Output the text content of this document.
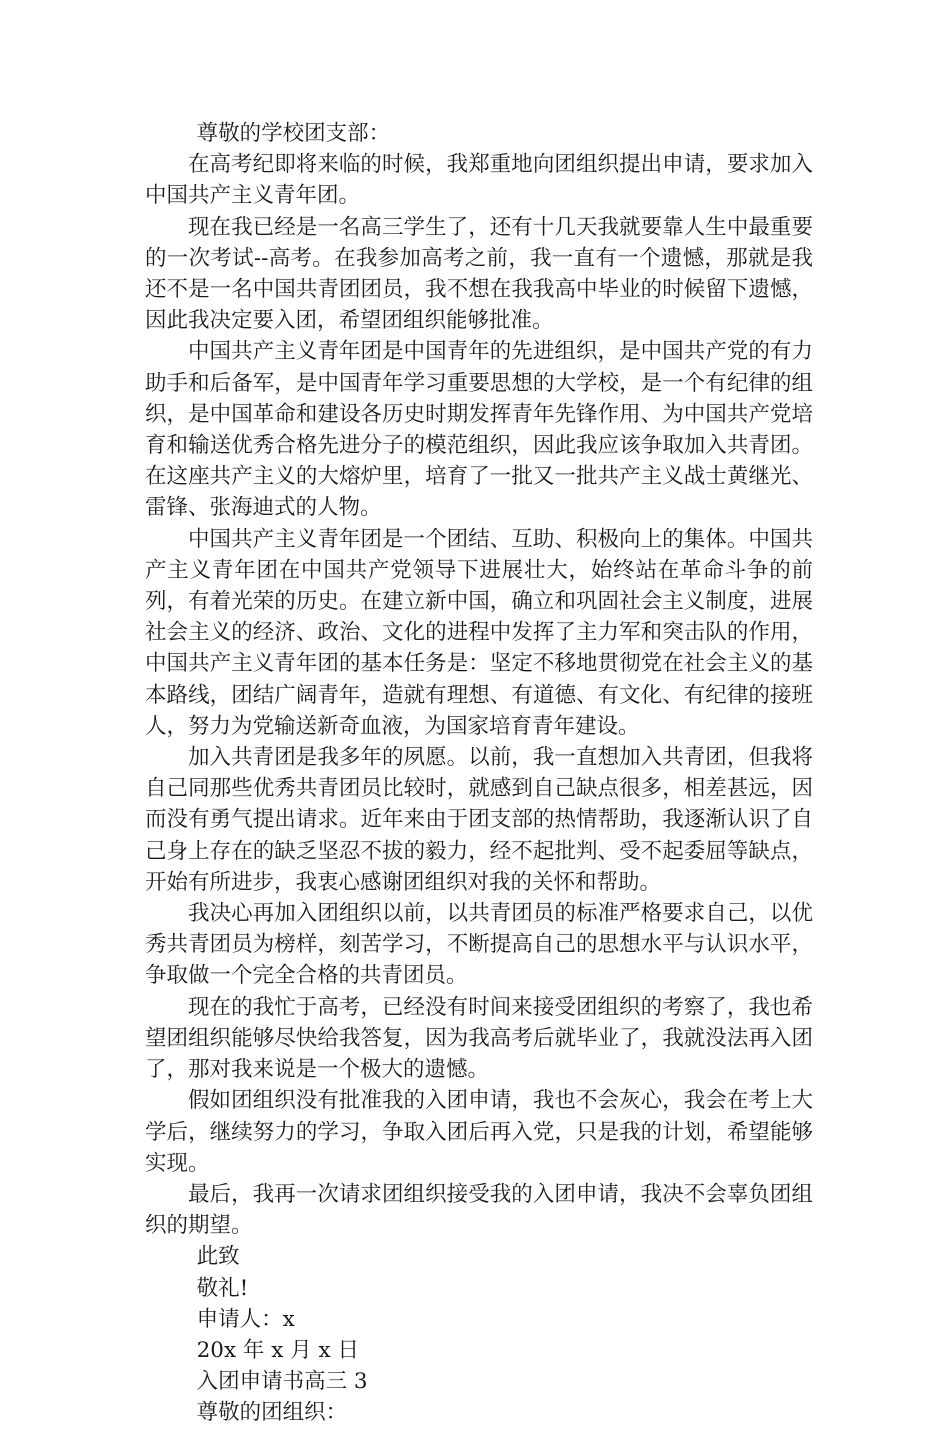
尊敬的学校团支部：

在高考纪即将来临的时候，我郑重地向团组织提出申请，要求加入中国共产主义青年团。

现在我已经是一名高三学生了，还有十几天我就要靠人生中最重要的一次考试--高考。在我参加高考之前，我一直有一个遗憾，那就是我还不是一名中国共青团团员，我不想在我我高中毕业的时候留下遗憾，因此我决定要入团，希望团组织能够批准。

中国共产主义青年团是中国青年的先进组织，是中国共产党的有力助手和后备军，是中国青年学习重要思想的大学校，是一个有纪律的组织，是中国革命和建设各历史时期发挥青年先锋作用、为中国共产党培育和输送优秀合格先进分子的模范组织，因此我应该争取加入共青团。在这座共产主义的大熔炉里，培育了一批又一批共产主义战士黄继光、雷锋、张海迪式的人物。

中国共产主义青年团是一个团结、互助、积极向上的集体。中国共产主义青年团在中国共产党领导下进展壮大，始终站在革命斗争的前列，有着光荣的历史。在建立新中国，确立和巩固社会主义制度，进展社会主义的经济、政治、文化的进程中发挥了主力军和突击队的作用，中国共产主义青年团的基本任务是：坚定不移地贯彻党在社会主义的基本路线，团结广阔青年，造就有理想、有道德、有文化、有纪律的接班人，努力为党输送新奇血液，为国家培育青年建设。

加入共青团是我多年的夙愿。以前，我一直想加入共青团，但我将自己同那些优秀共青团员比较时，就感到自己缺点很多，相差甚远，因而没有勇气提出请求。近年来由于团支部的热情帮助，我逐渐认识了自己身上存在的缺乏坚忍不拔的毅力，经不起批判、受不起委屈等缺点，开始有所进步，我衷心感谢团组织对我的关怀和帮助。

我决心再加入团组织以前，以共青团员的标准严格要求自己，以优秀共青团员为榜样，刻苦学习，不断提高自己的思想水平与认识水平，争取做一个完全合格的共青团员。

现在的我忙于高考，已经没有时间来接受团组织的考察了，我也希望团组织能够尽快给我答复，因为我高考后就毕业了，我就没法再入团了，那对我来说是一个极大的遗憾。

假如团组织没有批准我的入团申请，我也不会灰心，我会在考上大学后，继续努力的学习，争取入团后再入党，只是我的计划，希望能够实现。

最后，我再一次请求团组织接受我的入团申请，我决不会辜负团组织的期望。

此致

敬礼!

申请人：x

20x 年 x 月 x 日

入团申请书高三 3

尊敬的团组织：
